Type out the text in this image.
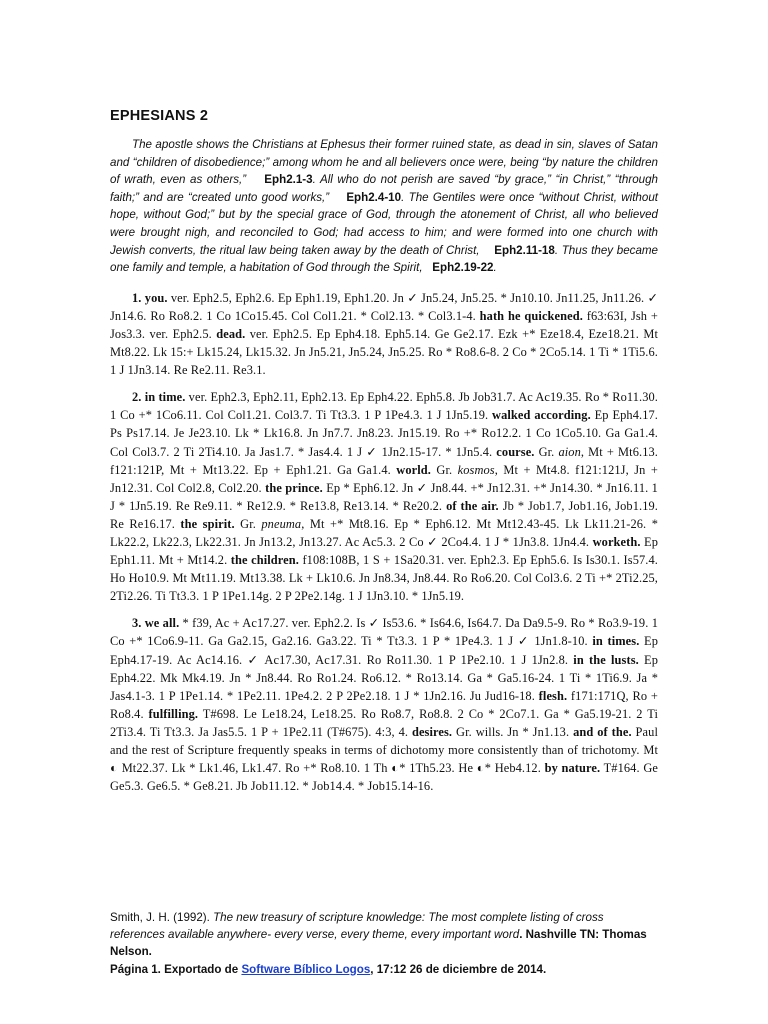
EPHESIANS 2

The apostle shows the Christians at Ephesus their former ruined state, as dead in sin, slaves of Satan and “children of disobedience;” among whom he and all believers once were, being “by nature the children of wrath, even as others,” Eph2.1-3. All who do not perish are saved “by grace,” “in Christ,” “through faith;” and are “created unto good works,” Eph2.4-10. The Gentiles were once “without Christ, without hope, without God;” but by the special grace of God, through the atonement of Christ, all who believed were brought nigh, and reconciled to God; had access to him; and were formed into one church with Jewish converts, the ritual law being taken away by the death of Christ, Eph2.11-18. Thus they became one family and temple, a habitation of God through the Spirit, Eph2.19-22.

1. you. ver. Eph2.5, Eph2.6. Ep Eph1.19, Eph1.20. Jn ✓ Jn5.24, Jn5.25. * Jn10.10. Jn11.25, Jn11.26. ✓ Jn14.6. Ro Ro8.2. 1 Co 1Co15.45. Col Col1.21. * Col2.13. * Col3.1-4. hath he quickened. f63:63I, Jsh + Jos3.3. ver. Eph2.5. dead. ver. Eph2.5. Ep Eph4.18. Eph5.14. Ge Ge2.17. Ezk +* Eze18.4, Eze18.21. Mt Mt8.22. Lk 15:+ Lk15.24, Lk15.32. Jn Jn5.21, Jn5.24, Jn5.25. Ro * Ro8.6-8. 2 Co * 2Co5.14. 1 Ti * 1Ti5.6. 1 J 1Jn3.14. Re Re2.11. Re3.1.

2. in time. ver. Eph2.3, Eph2.11, Eph2.13. Ep Eph4.22. Eph5.8. Jb Job31.7. Ac Ac19.35. Ro * Ro11.30. 1 Co +* 1Co6.11. Col Col1.21. Col3.7. Ti Tt3.3. 1 P 1Pe4.3. 1 J 1Jn5.19. walked according. Ep Eph4.17. Ps Ps17.14. Je Je23.10. Lk * Lk16.8. Jn Jn7.7. Jn8.23. Jn15.19. Ro +* Ro12.2. 1 Co 1Co5.10. Ga Ga1.4. Col Col3.7. 2 Ti 2Ti4.10. Ja Jas1.7. * Jas4.4. 1 J ✓ 1Jn2.15-17. * 1Jn5.4. course. Gr. aion, Mt + Mt6.13. f121:121P, Mt + Mt13.22. Ep + Eph1.21. Ga Ga1.4. world. Gr. kosmos, Mt + Mt4.8. f121:121J, Jn + Jn12.31. Col Col2.8, Col2.20. the prince. Ep * Eph6.12. Jn ✓ Jn8.44. +* Jn12.31. +* Jn14.30. * Jn16.11. 1 J * 1Jn5.19. Re Re9.11. * Re12.9. * Re13.8, Re13.14. * Re20.2. of the air. Jb * Job1.7, Job1.16, Job1.19. Re Re16.17. the spirit. Gr. pneuma, Mt +* Mt8.16. Ep * Eph6.12. Mt Mt12.43-45. Lk Lk11.21-26. * Lk22.2, Lk22.3, Lk22.31. Jn Jn13.2, Jn13.27. Ac Ac5.3. 2 Co ✓ 2Co4.4. 1 J * 1Jn3.8. 1Jn4.4. worketh. Ep Eph1.11. Mt + Mt14.2. the children. f108:108B, 1 S + 1Sa20.31. ver. Eph2.3. Ep Eph5.6. Is Is30.1. Is57.4. Ho Ho10.9. Mt Mt11.19. Mt13.38. Lk + Lk10.6. Jn Jn8.34, Jn8.44. Ro Ro6.20. Col Col3.6. 2 Ti +* 2Ti2.25, 2Ti2.26. Ti Tt3.3. 1 P 1Pe1.14g. 2 P 2Pe2.14g. 1 J 1Jn3.10. * 1Jn5.19.

3. we all. * f39, Ac + Ac17.27. ver. Eph2.2. Is ✓ Is53.6. * Is64.6, Is64.7. Da Da9.5-9. Ro * Ro3.9-19. 1 Co +* 1Co6.9-11. Ga Ga2.15, Ga2.16. Ga3.22. Ti * Tt3.3. 1 P * 1Pe4.3. 1 J ✓ 1Jn1.8-10. in times. Ep Eph4.17-19. Ac Ac14.16. ✓ Ac17.30, Ac17.31. Ro Ro11.30. 1 P 1Pe2.10. 1 J 1Jn2.8. in the lusts. Ep Eph4.22. Mk Mk4.19. Jn * Jn8.44. Ro Ro1.24. Ro6.12. * Ro13.14. Ga * Ga5.16-24. 1 Ti * 1Ti6.9. Ja * Jas4.1-3. 1 P 1Pe1.14. * 1Pe2.11. 1Pe4.2. 2 P 2Pe2.18. 1 J * 1Jn2.16. Ju Jud16-18. flesh. f171:171Q, Ro + Ro8.4. fulfilling. T#698. Le Le18.24, Le18.25. Ro Ro8.7, Ro8.8. 2 Co * 2Co7.1. Ga * Ga5.19-21. 2 Ti 2Ti3.4. Ti Tt3.3. Ja Jas5.5. 1 P + 1Pe2.11 (T#675). 4:3, 4. desires. Gr. wills. Jn * Jn1.13. and of the. Paul and the rest of Scripture frequently speaks in terms of dichotomy more consistently than of trichotomy. Mt ◐ Mt22.37. Lk * Lk1.46, Lk1.47. Ro +* Ro8.10. 1 Th ◐* 1Th5.23. He ◐* Heb4.12. by nature. T#164. Ge Ge5.3. Ge6.5. * Ge8.21. Jb Job11.12. * Job14.4. * Job15.14-16.

Smith, J. H. (1992). The new treasury of scripture knowledge: The most complete listing of cross references available anywhere- every verse, every theme, every important word. Nashville TN: Thomas Nelson.
Página 1. Exportado de Software Bíblico Logos, 17:12 26 de diciembre de 2014.
